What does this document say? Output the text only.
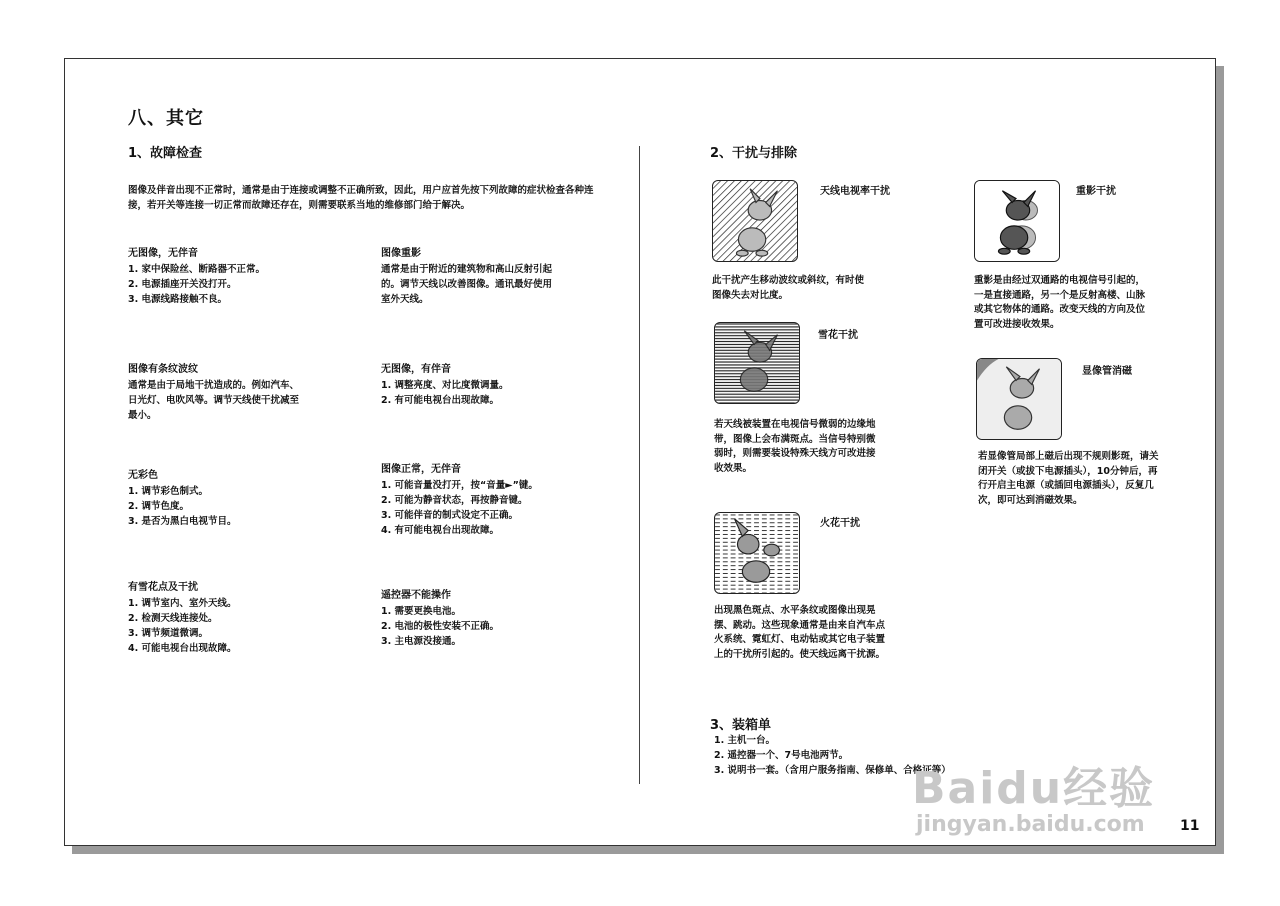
八、其它
1、故障检查
图像及伴音出现不正常时，通常是由于连接或调整不正确所致，因此，用户应首先按下列故障的症状检查各种连接，若开关等连接一切正常而故障还存在，则需要联系当地的维修部门给于解决。
无图像，无伴音
1. 家中保险丝、断路器不正常。
2. 电源插座开关没打开。
3. 电源线路接触不良。
图像重影
通常是由于附近的建筑物和高山反射引起的。调节天线以改善图像。通讯最好使用室外天线。
图像有条纹波纹
通常是由于局地干扰造成的。例如汽车、日光灯、电吹风等。调节天线使干扰减至最小。
无图像，有伴音
1. 调整亮度、对比度微调量。
2. 有可能电视台出现故障。
无彩色
1. 调节彩色制式。
2. 调节色度。
3. 是否为黑白电视节目。
图像正常，无伴音
1. 可能音量没打开，按“音量►”键。
2. 可能为静音状态，再按静音键。
3. 可能伴音的制式设定不正确。
4. 有可能电视台出现故障。
有雪花点及干扰
1. 调节室内、室外天线。
2. 检测天线连接处。
3. 调节频道微调。
4. 可能电视台出现故障。
遥控器不能操作
1. 需要更换电池。
2. 电池的极性安装不正确。
3. 主电源没接通。
2、干扰与排除
天线电视率干扰
此干扰产生移动波纹或斜纹，有时使图像失去对比度。
雪花干扰
若天线被装置在电视信号微弱的边缘地带，图像上会布满斑点。当信号特别微弱时，则需要装设特殊天线方可改进接收效果。
火花干扰
出现黑色斑点、水平条纹或图像出现晃摆、跳动。这些现象通常是由来自汽车点火系统、霓虹灯、电动钻或其它电子装置上的干扰所引起的。使天线远离干扰源。
重影干扰
重影是由经过双通路的电视信号引起的，一是直接通路，另一个是反射高楼、山脉或其它物体的通路。改变天线的方向及位置可改进接收效果。
显像管消磁
若显像管局部上磁后出现不规则影斑，请关闭开关（或拔下电源插头），10分钟后，再行开启主电源（或插回电源插头），反复几次，即可达到消磁效果。
3、装箱单
1. 主机一台。
2. 遥控器一个、7号电池两节。
3. 说明书一套。（含用户服务指南、保修单、合格证等）
Baidu经验
jingyan.baidu.com	11
